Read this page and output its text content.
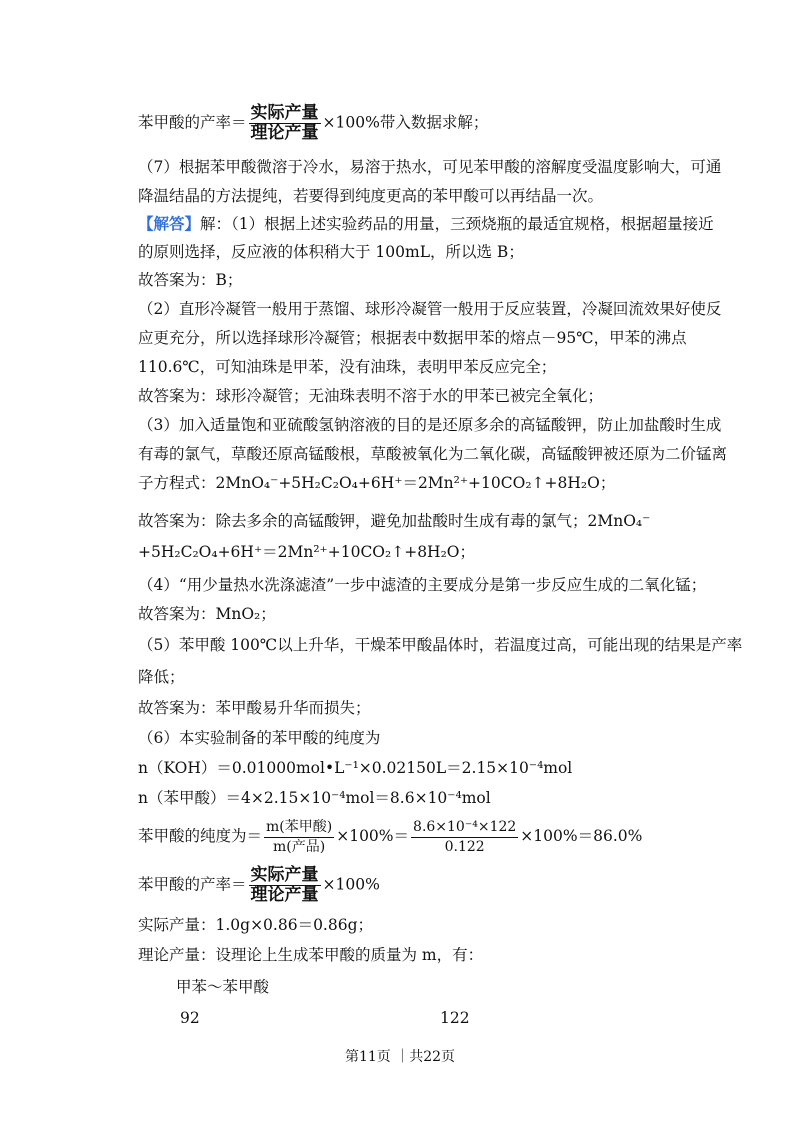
苯甲酸的产率＝ $\frac{\text{实际产量}}{\text{理论产量}} \times 100\%$带入数据求解；
（7）根据苯甲酸微溶于冷水，易溶于热水，可见苯甲酸的溶解度受温度影响大，可通
降温结晶的方法提纯，若要得到纯度更高的苯甲酸可以再结晶一次。
【解答】解：（1）根据上述实验药品的用量，三颈烧瓶的最适宜规格，根据超量接近
的原则选择，反应液的体积稍大于 100mL，所以选 B；
故答案为：B；
（2）直形冷凝管一般用于蒸馏、球形冷凝管一般用于反应装置，冷凝回流效果好使反
应更充分，所以选择球形冷凝管；根据表中数据甲苯的熔点－95℃，甲苯的沸点
110.6℃，可知油珠是甲苯，没有油珠，表明甲苯反应完全；
故答案为：球形冷凝管；无油珠表明不溶于水的甲苯已被完全氧化；
（3）加入适量饱和亚硫酸氢钠溶液的目的是还原多余的高锰酸钾，防止加盐酸时生成
有毒的氯气，草酸还原高锰酸根，草酸被氧化为二氧化碳，高锰酸钾被还原为二价锰离
子方程式：2MnO₄⁻+5H₂C₂O₄+6H⁺＝2Mn²⁺+10CO₂↑+8H₂O；
故答案为：除去多余的高锰酸钾，避免加盐酸时生成有毒的氯气；2MnO₄⁻
+5H₂C₂O₄+6H⁺＝2Mn²⁺+10CO₂↑+8H₂O；
（4）“用少量热水洗涤滤渣”一步中滤渣的主要成分是第一步反应生成的二氧化锰；
故答案为：MnO₂；
（5）苯甲酸 100℃以上升华，干燥苯甲酸晶体时，若温度过高，可能出现的结果是产率
降低；
故答案为：苯甲酸易升华而损失；
（6）本实验制备的苯甲酸的纯度为
n（KOH）＝0.01000mol•L⁻¹×0.02150L＝2.15×10⁻⁴mol
n（苯甲酸）＝4×2.15×10⁻⁴mol＝8.6×10⁻⁴mol
苯甲酸的纯度为＝ $\frac{\text{m(苯甲酸)}}{\text{m(产品)}} \times 100\%= \frac{\text{8.6×10⁻⁴×122}}{0.122} \times 100\%=86.0\%$
苯甲酸的产率＝ $\frac{\text{实际产量}}{\text{理论产量}} \times 100\%$
实际产量：1.0g×0.86＝0.86g；
理论产量：设理论上生成苯甲酸的质量为 m，有：
甲苯～苯甲酸
92	122
第11页 ｜共22页
